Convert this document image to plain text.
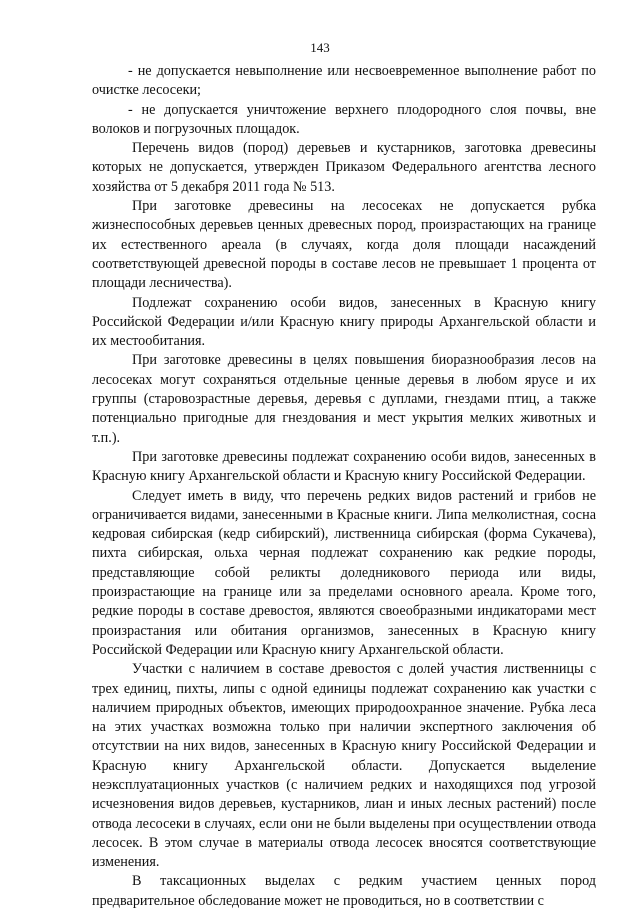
143

- не допускается невыполнение или несвоевременное выполнение работ по очистке лесосеки;

- не допускается уничтожение верхнего плодородного слоя почвы, вне волоков и погрузочных площадок.

Перечень видов (пород) деревьев и кустарников, заготовка древесины которых не допускается, утвержден Приказом Федерального агентства лесного хозяйства от 5 декабря 2011 года № 513.

При заготовке древесины на лесосеках не допускается рубка жизнеспособных деревьев ценных древесных пород, произрастающих на границе их естественного ареала (в случаях, когда доля площади насаждений соответствующей древесной породы в составе лесов не превышает 1 процента от площади лесничества).

Подлежат сохранению особи видов, занесенных в Красную книгу Российской Федерации и/или Красную книгу природы Архангельской области и их местообитания.

При заготовке древесины в целях повышения биоразнообразия лесов на лесосеках могут сохраняться отдельные ценные деревья в любом ярусе и их группы (старовозрастные деревья, деревья с дуплами, гнездами птиц, а также потенциально пригодные для гнездования и мест укрытия мелких животных и т.п.).

При заготовке древесины подлежат сохранению особи видов, занесенных в Красную книгу Архангельской области и Красную книгу Российской Федерации.

Следует иметь в виду, что перечень редких видов растений и грибов не ограничивается видами, занесенными в Красные книги. Липа мелколистная, сосна кедровая сибирская (кедр сибирский), лиственница сибирская (форма Сукачева), пихта сибирская, ольха черная подлежат сохранению как редкие породы, представляющие собой реликты доледникового периода или виды, произрастающие на границе или за пределами основного ареала. Кроме того, редкие породы в составе древостоя, являются своеобразными индикаторами мест произрастания или обитания организмов, занесенных в Красную книгу Российской Федерации или Красную книгу Архангельской области.

Участки с наличием в составе древостоя с долей участия лиственницы с трех единиц, пихты, липы с одной единицы подлежат сохранению как участки с наличием природных объектов, имеющих природоохранное значение. Рубка леса на этих участках возможна только при наличии экспертного заключения об отсутствии на них видов, занесенных в Красную книгу Российской Федерации и Красную книгу Архангельской области. Допускается выделение неэксплуатационных участков (с наличием редких и находящихся под угрозой исчезновения видов деревьев, кустарников, лиан и иных лесных растений) после отвода лесосеки в случаях, если они не были выделены при осуществлении отвода лесосек. В этом случае в материалы отвода лесосек вносятся соответствующие изменения.

В таксационных выделах с редким участием ценных пород предварительное обследование может не проводиться, но в соответствии с
